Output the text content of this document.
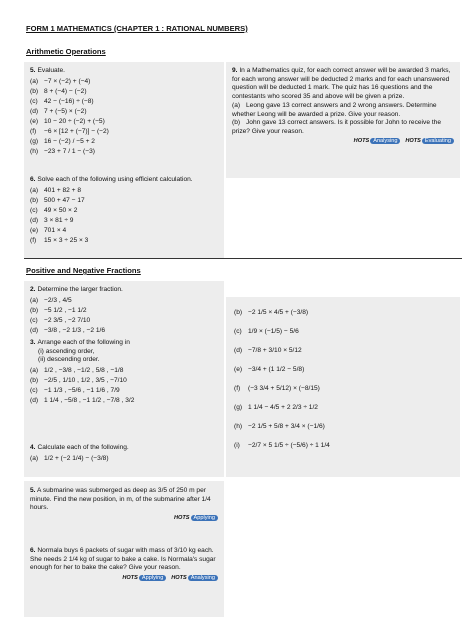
FORM 1 MATHEMATICS (CHAPTER 1 : RATIONAL NUMBERS)
Arithmetic Operations
5. Evaluate.
(a) −7 × (−2) + (−4)
(b) 8 + (−4) − (−2)
(c) 42 − (−16) ÷ (−8)
(d) 7 + (−5) × (−2)
(e) 10 − 20 ÷ (−2) + (−5)
(f) −6 × [12 + (−7)] − (−2)
(g) 16 − (−2) / −5 + 2
(h) −23 + 7 / 1 − (−3)
6. Solve each of the following using efficient calculation.
(a) 401 + 82 + 8
(b) 500 + 47 − 17
(c) 49 × 50 × 2
(d) 3 × 81 ÷ 9
(e) 701 × 4
(f) 15 × 3 ÷ 25 × 3
9. In a Mathematics quiz, for each correct answer will be awarded 3 marks, for each wrong answer will be deducted 2 marks and for each unanswered question will be deducted 1 mark. The quiz has 16 questions and the contestants who scored 35 and above will be given a prize.
(a) Leong gave 13 correct answers and 2 wrong answers. Determine whether Leong will be awarded a prize. Give your reason.
(b) John gave 13 correct answers. Is it possible for John to receive the prize? Give your reason.
HOTS Analysing HOTS Evaluating
Positive and Negative Fractions
2. Determine the larger fraction.
(a) −2/3 , 4/5
(b) −5 1/2 , −1 1/2
(c) −2 3/5 , −2 7/10
(d) −3/8 , −2 1/3 , −2 1/6
3. Arrange each of the following in
(i) ascending order,
(ii) descending order.
(a) 1/2 , −3/8 , −1/2 , 5/8 , −1/8
(b) −2/5 , 1/10 , 1/2 , 3/5 , −7/10
(c) −1 1/3 , −5/6 , −1 1/6 , 7/9
(d) 1 1/4 , −5/8 , −1 1/2 , −7/8 , 3/2
4. Calculate each of the following.
(a) 1/2 + (−2 1/4) − (−3/8)
(b) −2 1/5 × 4/5 + (−3/8)
(c) 1/9 × (−1/5) − 5/6
(d) −7/8 + 3/10 × 5/12
(e) −3/4 + (1 1/2 − 5/8)
(f) (−3 3/4 + 5/12) × (−8/15)
(g) 1 1/4 − 4/5 + 2 2/3 ÷ 1/2
(h) −2 1/5 + 5/8 + 3/4 × (−1/6)
(i) −2/7 × 5 1/5 ÷ (−5/6) ÷ 1 1/4
5. A submarine was submerged as deep as 3/5 of 250 m per minute. Find the new position, in m, of the submarine after 1/4 hours.
HOTS Applying
6. Normala buys 6 packets of sugar with mass of 3/10 kg each. She needs 2 1/4 kg of sugar to bake a cake. Is Normala's sugar enough for her to bake the cake? Give your reason.
HOTS Applying HOTS Analysing
